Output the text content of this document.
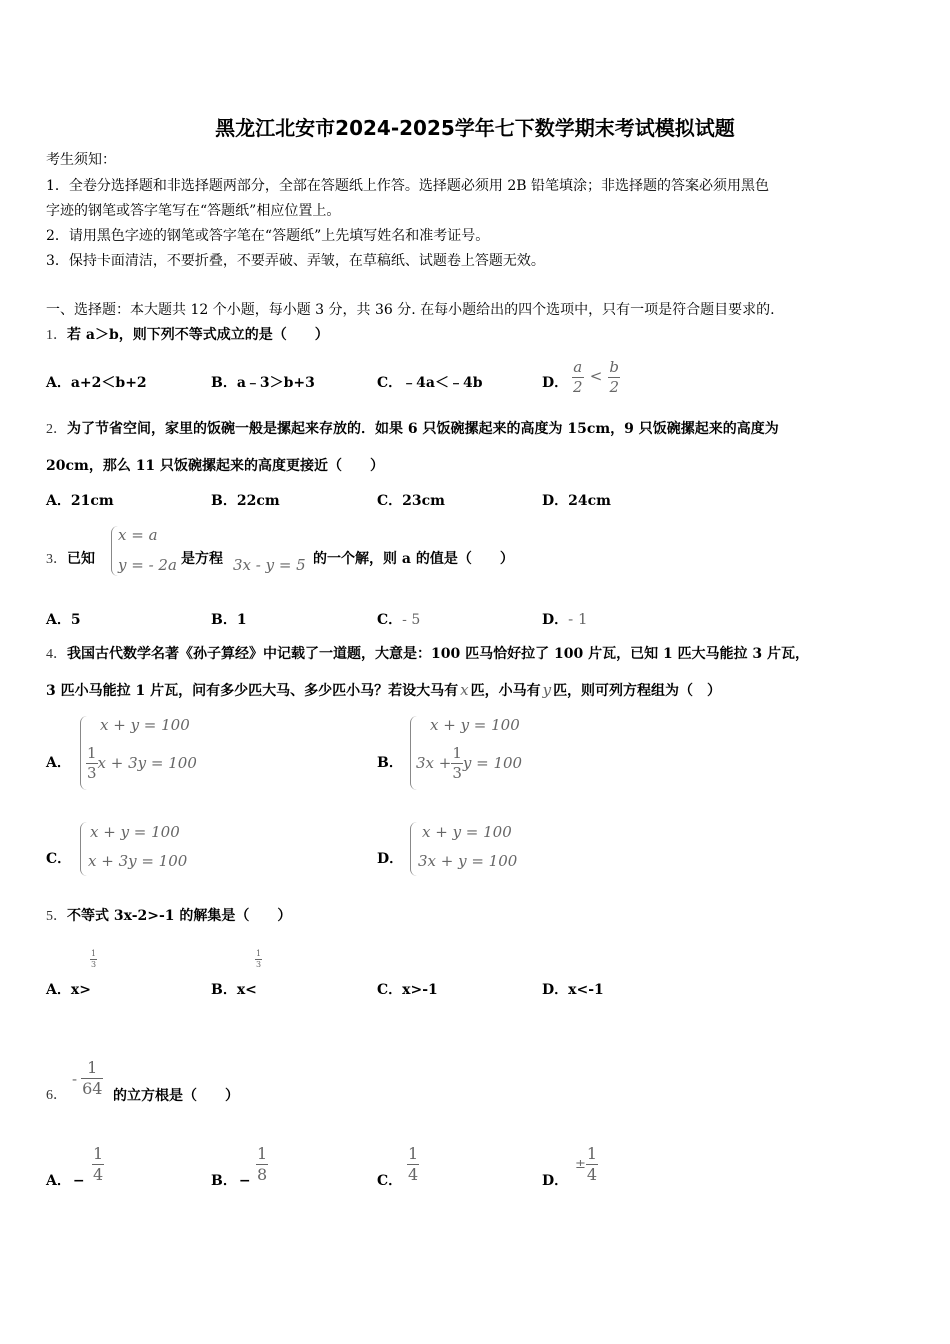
黑龙江北安市2024-2025学年七下数学期末考试模拟试题
考生须知：
1．全卷分选择题和非选择题两部分，全部在答题纸上作答。选择题必须用 2B 铅笔填涂；非选择题的答案必须用黑色
字迹的钢笔或答字笔写在“答题纸”相应位置上。
2．请用黑色字迹的钢笔或答字笔在“答题纸”上先填写姓名和准考证号。
3．保持卡面清洁，不要折叠，不要弄破、弄皱，在草稿纸、试题卷上答题无效。
一、选择题：本大题共 12 个小题，每小题 3 分，共 36 分. 在每小题给出的四个选项中，只有一项是符合题目要求的.
1．若 a＞b，则下列不等式成立的是（　　）
A．a+2＜b+2	B．a﹣3＞b+3	C．﹣4a＜﹣4b	D． $\frac{a}{2} < \frac{b}{2}$
2．为了节省空间，家里的饭碗一般是摞起来存放的．如果 6 只饭碗摞起来的高度为 15cm，9 只饭碗摞起来的高度为
20cm，那么 11 只饭碗摞起来的高度更接近（　　）
A．21cm	B．22cm	C．23cm	D．24cm
3．已知
x = a
y = - 2a 是方程 3x - y = 5 的一个解，则 a 的值是（　　）
A．5	B．1	C．- 5	D．- 1
4．我国古代数学名著《孙子算经》中记载了一道题，大意是：100 匹马恰好拉了 100 片瓦，已知 1 匹大马能拉 3 片瓦，
3 匹小马能拉 1 片瓦，问有多少匹大马、多少匹小马？若设大马有 x 匹，小马有 y 匹，则可列方程组为（　）
A．
x + y = 100
$\frac{1}{3}$ x + 3y = 100	B．
x + y = 100
$3x + \frac{1}{3}$ y = 100
C．
x + y = 100
x + 3y = 100	D．
x + y = 100
3x + y = 100
5．不等式 3x-2>-1 的解集是（　　）
$\frac{1}{3}$	$\frac{1}{3}$
A．x>	B．x<	C．x>-1	D．x<-1
6．
- $\frac{1}{64}$ 的立方根是（　　）
A． − $\frac{1}{4}$	B． − $\frac{1}{8}$	C． $\frac{1}{4}$	D．
± $\frac{1}{4}$
